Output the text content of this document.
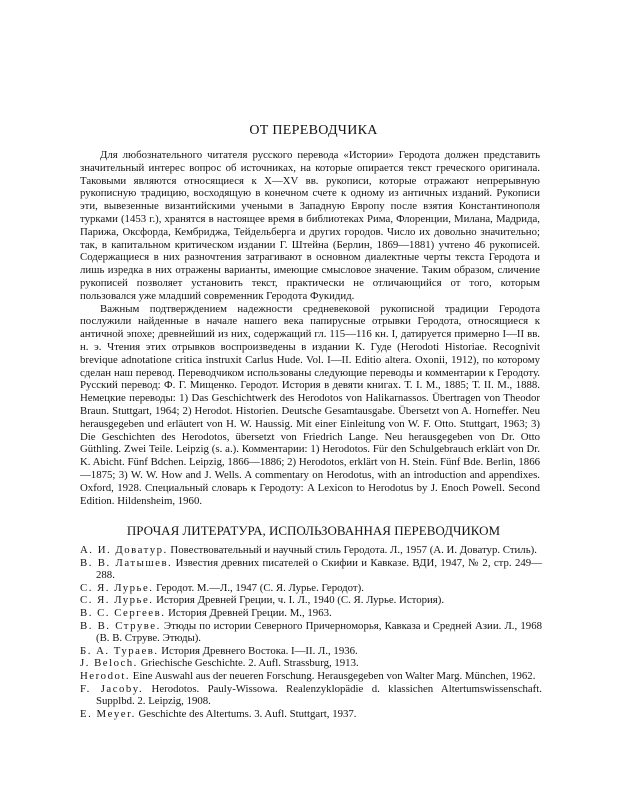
ОТ ПЕРЕВОДЧИКА

Для любознательного читателя русского перевода «Истории» Геродота должен представить значительный интерес вопрос об источниках, на которые опирается текст греческого оригинала. Таковыми являются относящиеся к X—XV вв. рукописи, которые отражают непрерывную рукописную традицию, восходящую в конечном счете к одному из античных изданий. Рукописи эти, вывезенные византийскими учеными в Западную Европу после взятия Константинополя турками (1453 г.), хранятся в настоящее время в библиотеках Рима, Флоренции, Милана, Мадрида, Парижа, Оксфорда, Кембриджа, Тейдельберга и других городов. Число их довольно значительно; так, в капитальном критическом издании Г. Штейна (Берлин, 1869—1881) учтено 46 рукописей. Содержащиеся в них разночтения затрагивают в основном диалектные черты текста Геродота и лишь изредка в них отражены варианты, имеющие смысловое значение. Таким образом, сличение рукописей позволяет установить текст, практически не отличающийся от того, которым пользовался уже младший современник Геродота Фукидид.

Важным подтверждением надежности средневековой рукописной традиции Геродота послужили найденные в начале нашего века папирусные отрывки Геродота, относящиеся к античной эпохе; древнейший из них, содержащий гл. 115—116 кн. I, датируется примерно I—II вв. н. э. Чтения этих отрывков воспроизведены в издании К. Гуде (Herodoti Historiae. Recognivit brevique adnotatione critica instruxit Carlus Hude. Vol. I—II. Editio altera. Oxonii, 1912), по которому сделан наш перевод. Переводчиком использованы следующие переводы и комментарии к Геродоту. Русский перевод: Ф. Г. Мищенко. Геродот. История в девяти книгах. Т. I. М., 1885; Т. II. М., 1888. Немецкие переводы: 1) Das Geschichtwerk des Herodotos von Halikarnassos. Übertragen von Theodor Braun. Stuttgart, 1964; 2) Herodot. Historien. Deutsche Gesamtausgabe. Übersetzt von A. Horneffer. Neu herausgegeben und erläutert von H. W. Haussig. Mit einer Einleitung von W. F. Otto. Stuttgart, 1963; 3) Die Geschichten des Herodotos, übersetzt von Friedrich Lange. Neu herausgegeben von Dr. Otto Güthling. Zwei Teile. Leipzig (s. a.). Комментарии: 1) Herodotos. Für den Schulgebrauch erklärt von Dr. K. Abicht. Fünf Bdchen. Leipzig, 1866—1886; 2) Herodotos, erklärt von H. Stein. Fünf Bde. Berlin, 1866—1875; 3) W. W. How and J. Wells. A commentary on Herodotus, with an introduction and appendixes. Oxford, 1928. Специальный словарь к Геродоту: A Lexicon to Herodotus by J. Enoch Powell. Second Edition. Hildensheim, 1960.

ПРОЧАЯ ЛИТЕРАТУРА, ИСПОЛЬЗОВАННАЯ ПЕРЕВОДЧИКОМ
А. И. Доватур. Повествовательный и научный стиль Геродота. Л., 1957 (А. И. Доватур. Стиль).
В. В. Латышев. Известия древних писателей о Скифии и Кавказе. ВДИ, 1947, № 2, стр. 249—288.
С. Я. Лурье. Геродот. М.—Л., 1947 (С. Я. Лурье. Геродот).
С. Я. Лурье. История Древней Греции, ч. I. Л., 1940 (С. Я. Лурье. История).
В. С. Сергеев. История Древней Греции. М., 1963.
В. В. Струве. Этюды по истории Северного Причерноморья, Кавказа и Средней Азии. Л., 1968 (В. В. Струве. Этюды).
Б. А. Тураев. История Древнего Востока. I—II. Л., 1936.
J. Beloch. Griechische Geschichte. 2. Aufl. Strassburg, 1913.
Herodot. Eine Auswahl aus der neueren Forschung. Herausgegeben von Walter Marg. München, 1962.
F. Jacoby. Herodotos. Pauly-Wissowa. Realenzyklopädie d. klassichen Altertumswissenschaft. Supplbd. 2. Leipzig, 1908.
E. Meyer. Geschichte des Altertums. 3. Aufl. Stuttgart, 1937.
